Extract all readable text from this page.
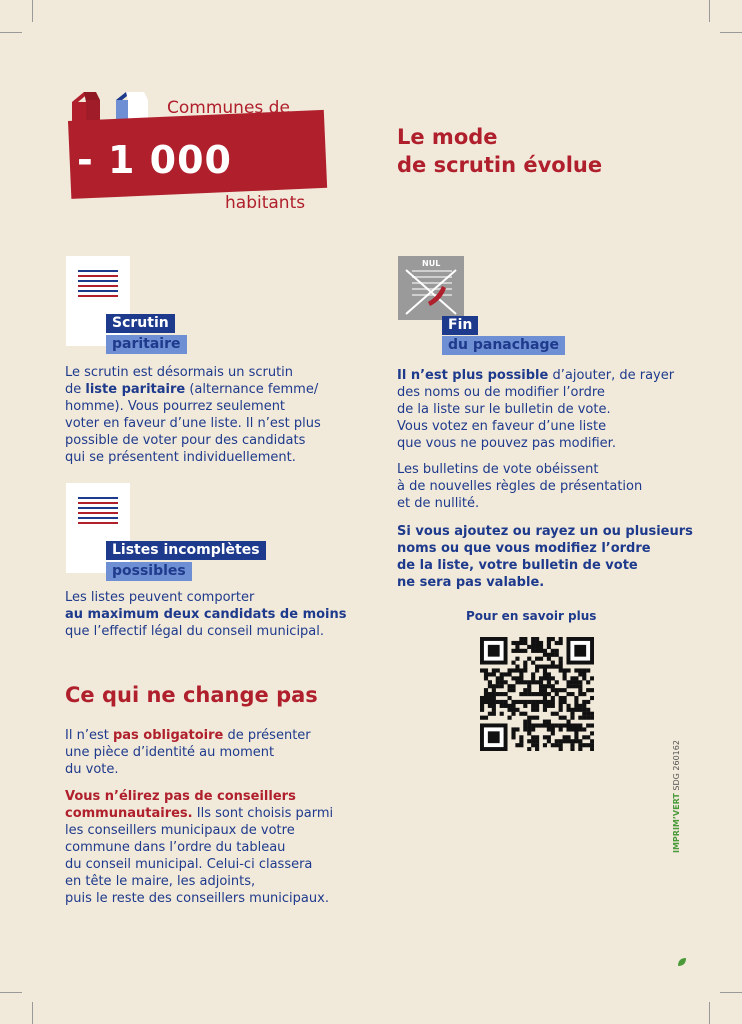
- 1 000
Communes de
habitants
Le mode
de scrutin évolue
Scrutin
paritaire
Le scrutin est désormais un scrutin
de liste paritaire (alternance femme/
homme). Vous pourrez seulement
voter en faveur d’une liste. Il n’est plus
possible de voter pour des candidats
qui se présentent individuellement.
Listes incomplètes
possibles
Les listes peuvent comporter
au maximum deux candidats de moins
que l’effectif légal du conseil municipal.
Ce qui ne change pas
Il n’est pas obligatoire de présenter
une pièce d’identité au moment
du vote.
Vous n’élirez pas de conseillers
communautaires. Ils sont choisis parmi
les conseillers municipaux de votre
commune dans l’ordre du tableau
du conseil municipal. Celui-ci classera
en tête le maire, les adjoints,
puis le reste des conseillers municipaux.
NUL
Fin
du panachage
Il n’est plus possible d’ajouter, de rayer
des noms ou de modifier l’ordre
de la liste sur le bulletin de vote.
Vous votez en faveur d’une liste
que vous ne pouvez pas modifier.
Les bulletins de vote obéissent
à de nouvelles règles de présentation
et de nullité.
Si vous ajoutez ou rayez un ou plusieurs
noms ou que vous modifiez l’ordre
de la liste, votre bulletin de vote
ne sera pas valable.
Pour en savoir plus
IMPRIM’VERT SDG 260162
